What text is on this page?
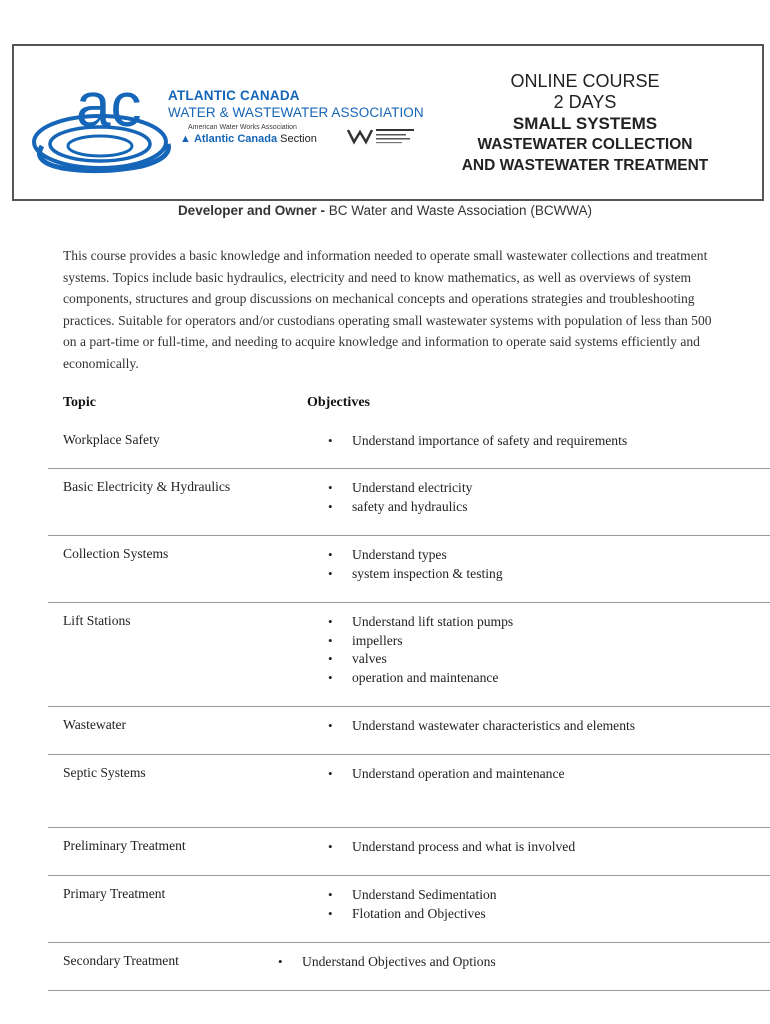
ac ATLANTIC CANADA
WATER & WASTEWATER ASSOCIATION
American Water Works Association
▲ Atlantic Canada Section
ONLINE COURSE
2 DAYS
SMALL SYSTEMS
WASTEWATER COLLECTION
AND WASTEWATER TREATMENT
Developer and Owner - BC Water and Waste Association (BCWWA)

This course provides a basic knowledge and information needed to operate small wastewater collections and treatment systems. Topics include basic hydraulics, electricity and need to know mathematics, as well as overviews of system components, structures and group discussions on mechanical concepts and operations strategies and troubleshooting practices. Suitable for operators and/or custodians operating small wastewater systems with population of less than 500 on a part-time or full-time, and needing to acquire knowledge and information to operate said systems efficiently and economically.

Topic	Objectives
Workplace Safety	• Understand importance of safety and requirements
Basic Electricity & Hydraulics	• Understand electricity
• safety and hydraulics
Collection Systems	• Understand types
• system inspection & testing
Lift Stations	• Understand lift station pumps
• impellers
• valves
• operation and maintenance
Wastewater	• Understand wastewater characteristics and elements
Septic Systems	• Understand operation and maintenance
Preliminary Treatment	• Understand process and what is involved
Primary Treatment	• Understand Sedimentation
• Flotation and Objectives
Secondary Treatment	• Understand Objectives and Options
